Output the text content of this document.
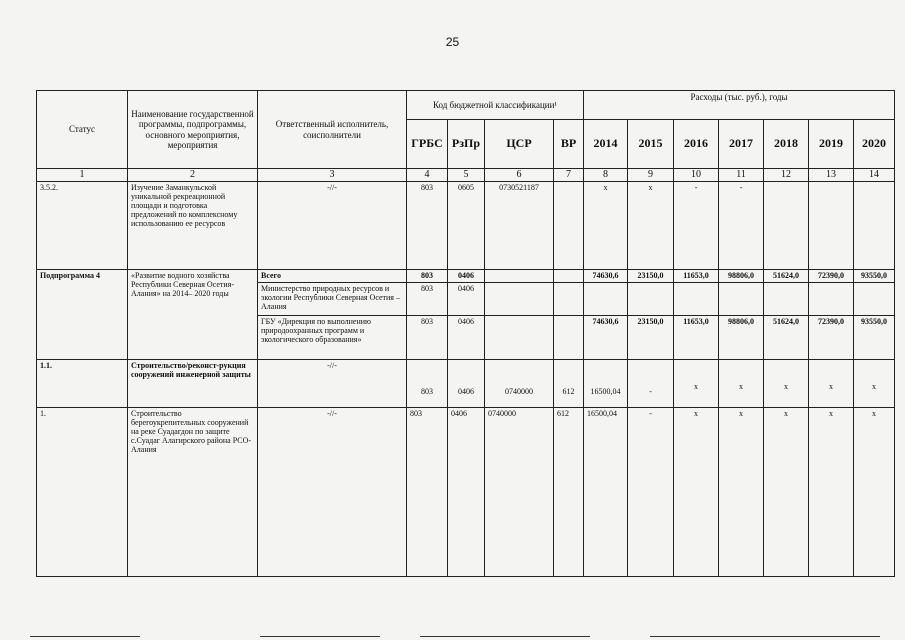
25
Статус	Наименование государственной программы, подпрограммы, основного мероприятия, мероприятия	Ответственный исполнитель, соисполнители	Код бюджетной классификации¹				Расходы (тыс. руб.), годы						
			ГРБС	РзПр	ЦСР	ВР	2014	2015	2016	2017	2018	2019	2020
1	2	3	4	5	6	7	8	9	10	11	12	13	14
3.5.2.	Изучение Заманкульской уникальной рекреационной площади и подготовка предложений по комплексному использованию ее ресурсов	-//-	803	0605	0730521187		x	x	-	-			
Подпрограмма 4	«Развитие водного хозяйства Республики Северная Осетия-Алания» на 2014– 2020 годы	Всего	803	0406			74630,6	23150,0	11653,0	98806,0	51624,0	72390,0	93550,0
		Министерство природных ресурсов и экологии Республики Северная Осетия – Алания	803	0406									
		ГБУ «Дирекция по выполнению природоохранных программ и экологического образования»	803	0406			74630,6	23150,0	11653,0	98806,0	51624,0	72390,0	93550,0
1.1.	Строительство/реконст-рукция сооружений инженерной защиты	-//-	803	0406	0740000	612	16500,04	-	x	x	x	x	x
1.	Строительство берегоукрепительных сооружений на реке Суадагдон по защите с.Суадаг Алагирского района РСО-Алания	-//-	803	0406	0740000	612	16500,04	-	x	x	x	x	x
